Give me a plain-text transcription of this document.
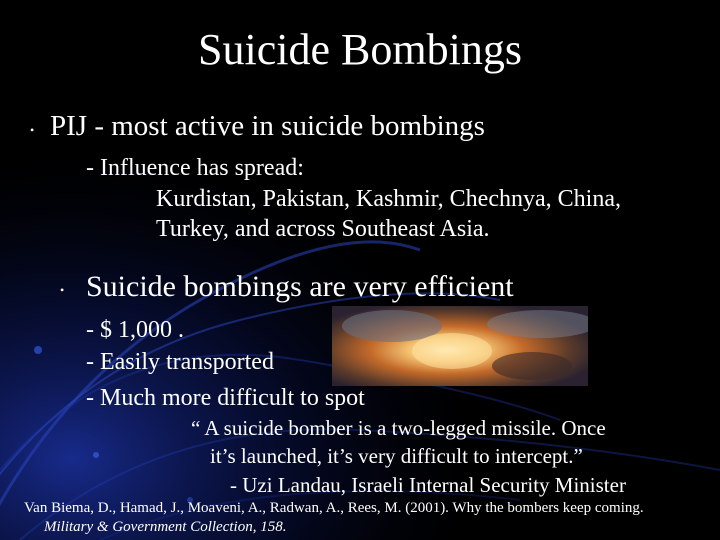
Suicide Bombings
• PIJ - most active in suicide bombings
- Influence has spread:
Kurdistan, Pakistan, Kashmir, Chechnya, China,
Turkey, and across Southeast Asia.
• Suicide bombings are very efficient
- $ 1,000 .
- Easily transported
- Much more difficult to spot
“ A suicide bomber is a two-legged missile. Once
it’s launched, it’s very difficult to intercept.”
- Uzi Landau, Israeli Internal Security Minister
Van Biema, D., Hamad, J., Moaveni, A., Radwan, A., Rees, M. (2001). Why the bombers keep coming.
Military & Government Collection, 158.
